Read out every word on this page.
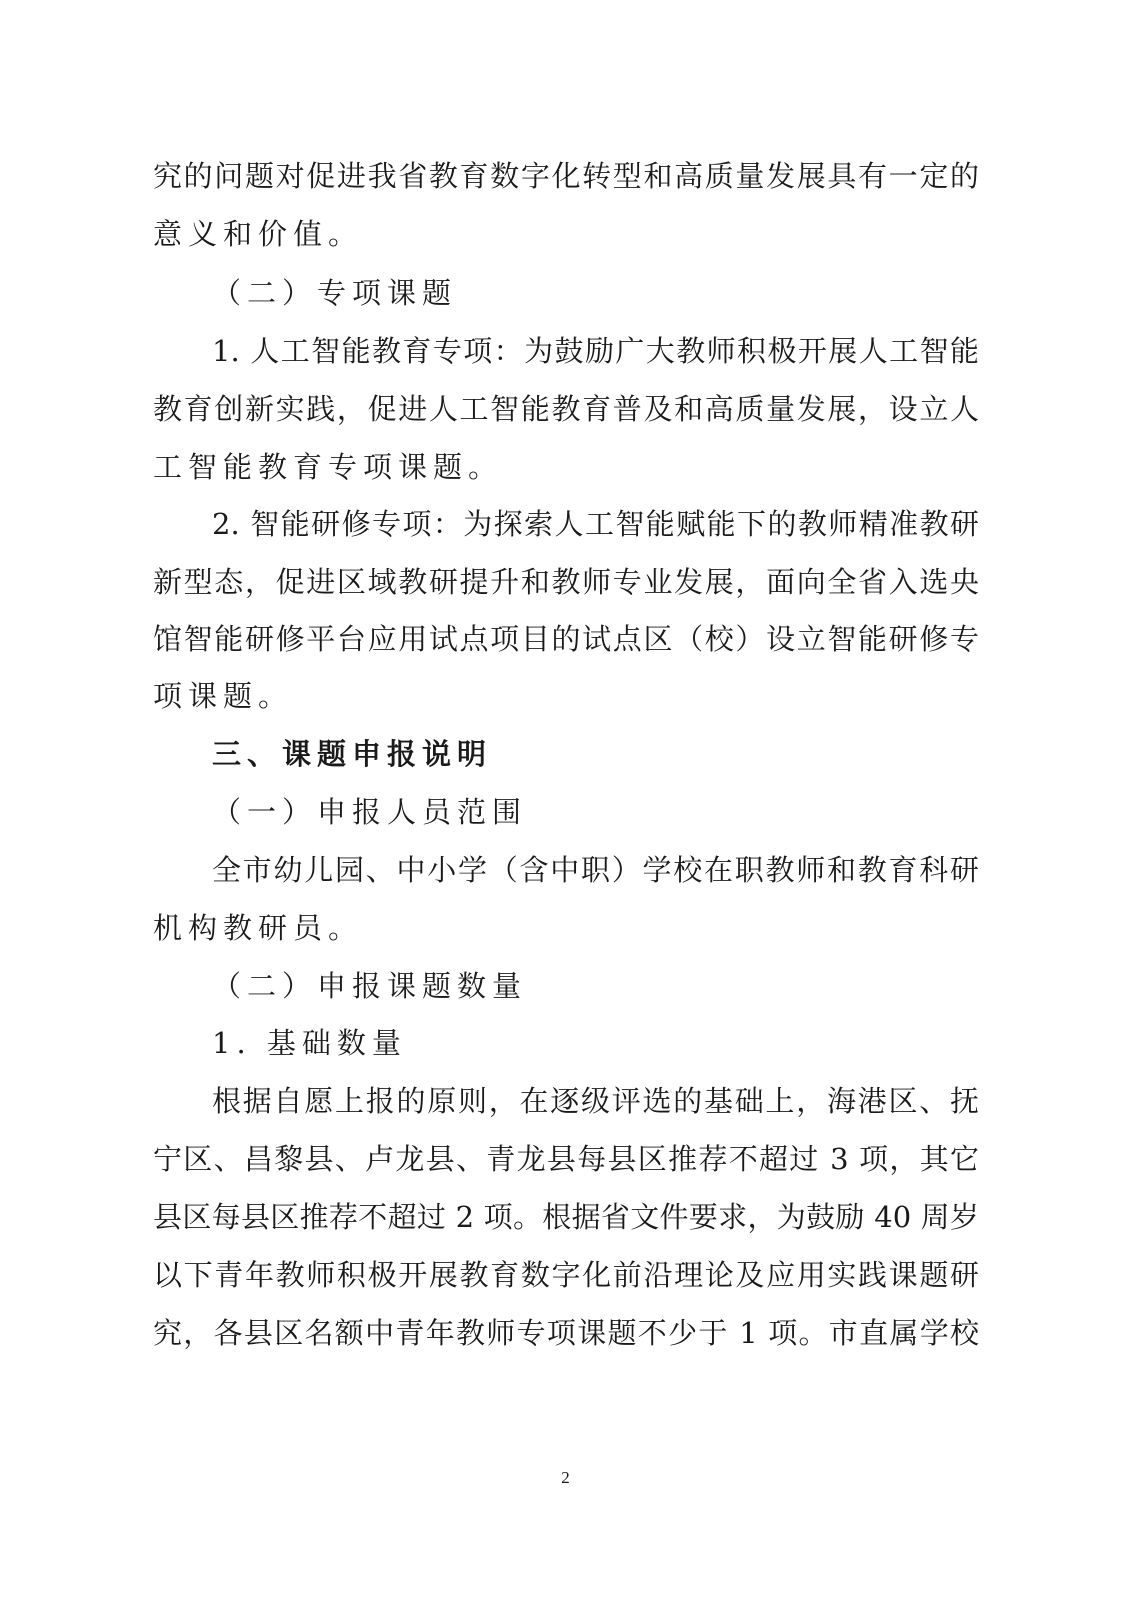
究的问题对促进我省教育数字化转型和高质量发展具有一定的
意义和价值。
（二）专项课题
1. 人工智能教育专项：为鼓励广大教师积极开展人工智能
教育创新实践，促进人工智能教育普及和高质量发展，设立人
工智能教育专项课题。
2. 智能研修专项：为探索人工智能赋能下的教师精准教研
新型态，促进区域教研提升和教师专业发展，面向全省入选央
馆智能研修平台应用试点项目的试点区（校）设立智能研修专
项课题。
三、课题申报说明
（一）申报人员范围
全市幼儿园、中小学（含中职）学校在职教师和教育科研
机构教研员。
（二）申报课题数量
1. 基础数量
根据自愿上报的原则，在逐级评选的基础上，海港区、抚
宁区、昌黎县、卢龙县、青龙县每县区推荐不超过 3 项，其它
县区每县区推荐不超过 2 项。根据省文件要求，为鼓励 40 周岁
以下青年教师积极开展教育数字化前沿理论及应用实践课题研
究，各县区名额中青年教师专项课题不少于 1 项。市直属学校
2
